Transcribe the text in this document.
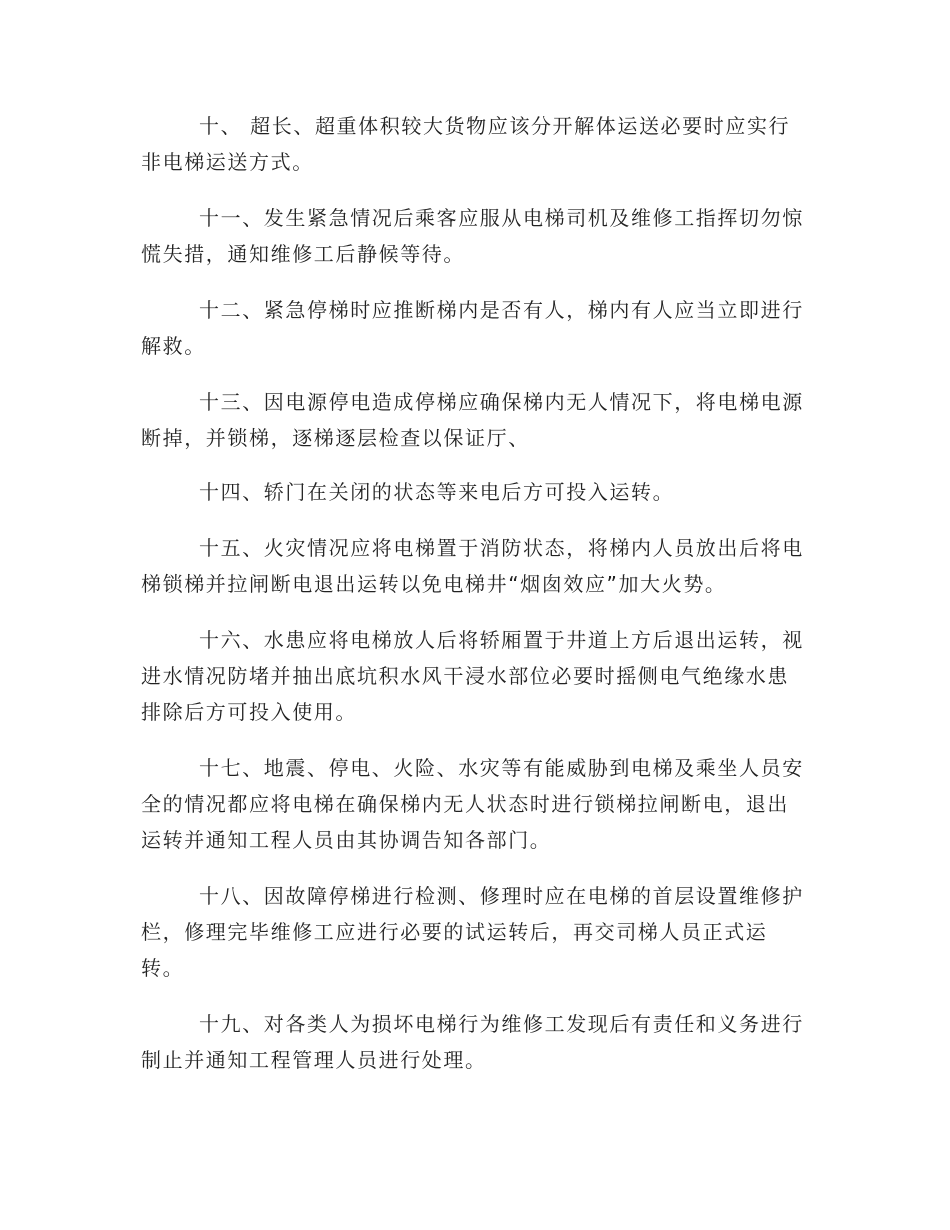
十、 超长、超重体积较大货物应该分开解体运送必要时应实行非电梯运送方式。

十一、发生紧急情况后乘客应服从电梯司机及维修工指挥切勿惊慌失措，通知维修工后静候等待。

十二、紧急停梯时应推断梯内是否有人，梯内有人应当立即进行解救。

十三、因电源停电造成停梯应确保梯内无人情况下，将电梯电源断掉，并锁梯，逐梯逐层检查以保证厅、

十四、轿门在关闭的状态等来电后方可投入运转。

十五、火灾情况应将电梯置于消防状态，将梯内人员放出后将电梯锁梯并拉闸断电退出运转以免电梯井“烟囱效应”加大火势。

十六、水患应将电梯放人后将轿厢置于井道上方后退出运转，视进水情况防堵并抽出底坑积水风干浸水部位必要时摇侧电气绝缘水患排除后方可投入使用。

十七、地震、停电、火险、水灾等有能威胁到电梯及乘坐人员安全的情况都应将电梯在确保梯内无人状态时进行锁梯拉闸断电，退出运转并通知工程人员由其协调告知各部门。

十八、因故障停梯进行检测、修理时应在电梯的首层设置维修护栏，修理完毕维修工应进行必要的试运转后，再交司梯人员正式运转。

十九、对各类人为损坏电梯行为维修工发现后有责任和义务进行制止并通知工程管理人员进行处理。
